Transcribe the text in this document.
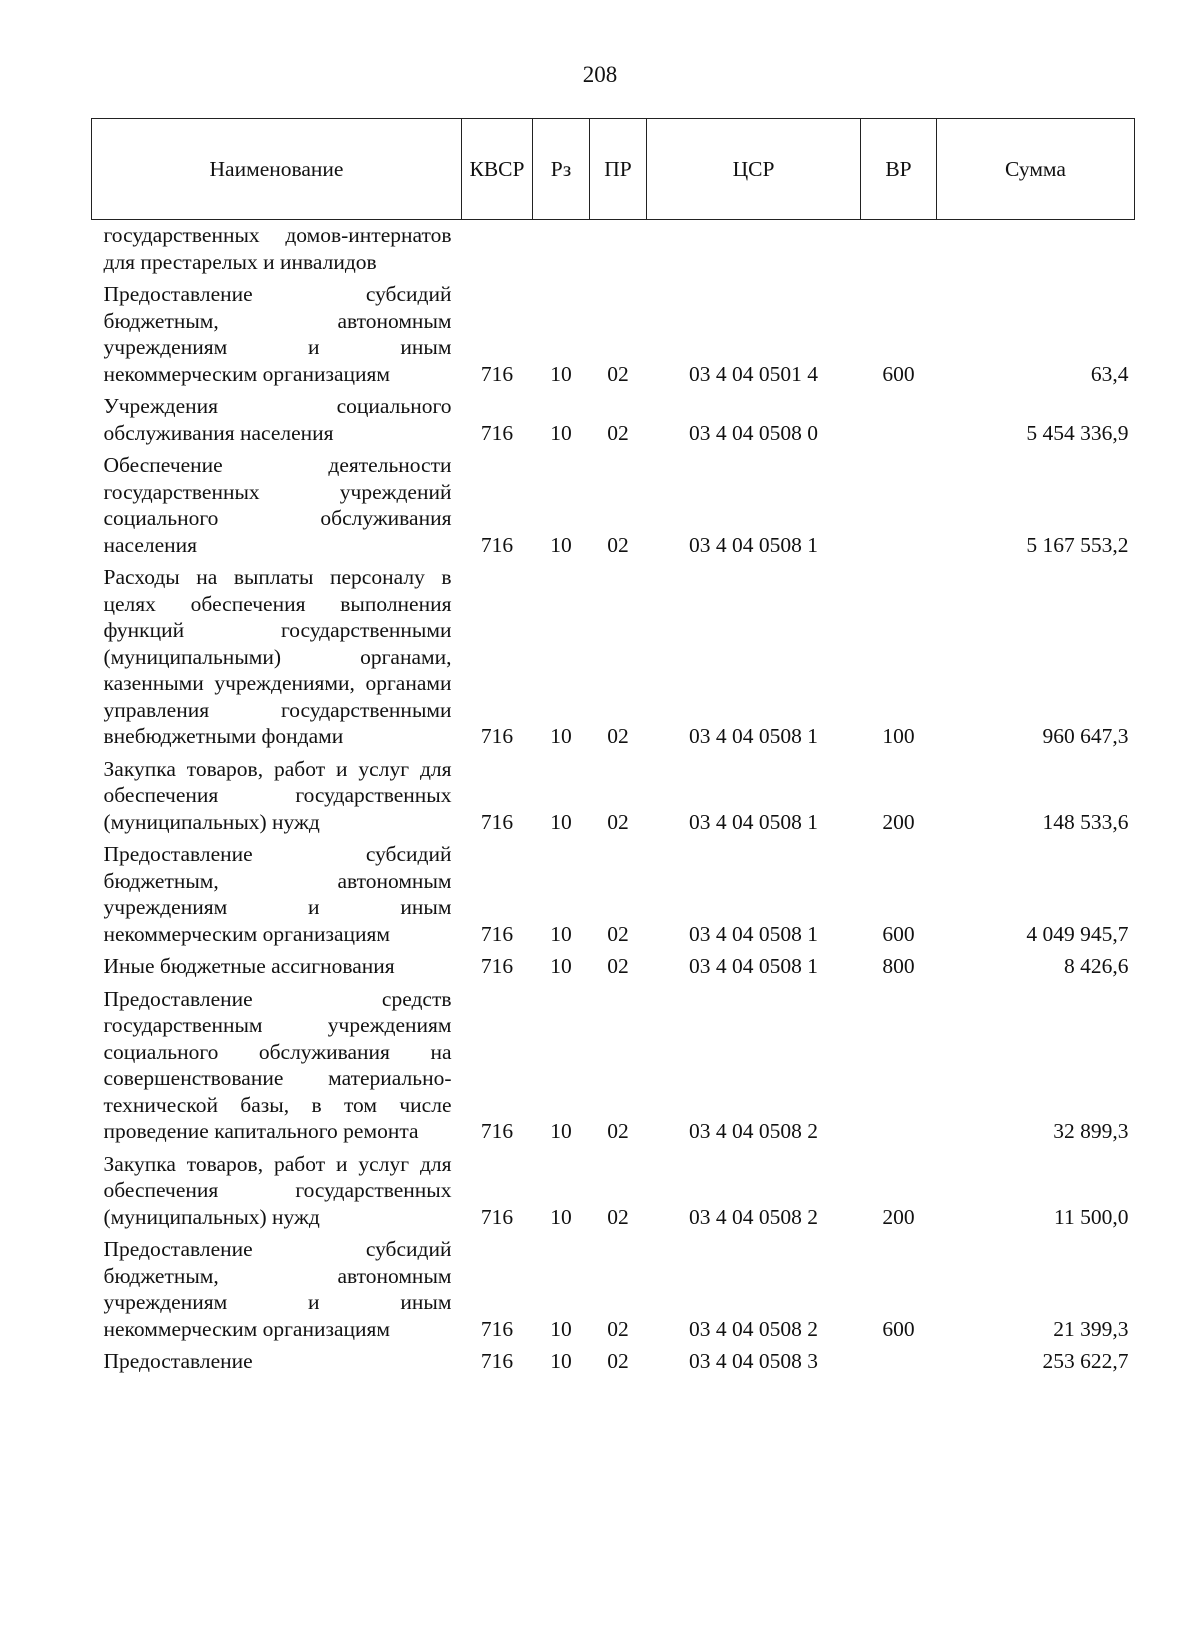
208
Наименование	КВСР	Рз	ПР	ЦСР	ВР	Сумма
государственных домов-интернатов для престарелых и инвалидов						
Предоставление субсидий бюджетным, автономным учреждениям и иным некоммерческим организациям	716	10	02	03 4 04 0501 4	600	63,4
Учреждения социального обслуживания населения	716	10	02	03 4 04 0508 0		5 454 336,9
Обеспечение деятельности государственных учреждений социального обслуживания населения	716	10	02	03 4 04 0508 1		5 167 553,2
Расходы на выплаты персоналу в целях обеспечения выполнения функций государственными (муниципальными) органами, казенными учреждениями, органами управления государственными внебюджетными фондами	716	10	02	03 4 04 0508 1	100	960 647,3
Закупка товаров, работ и услуг для обеспечения государственных (муниципальных) нужд	716	10	02	03 4 04 0508 1	200	148 533,6
Предоставление субсидий бюджетным, автономным учреждениям и иным некоммерческим организациям	716	10	02	03 4 04 0508 1	600	4 049 945,7
Иные бюджетные ассигнования	716	10	02	03 4 04 0508 1	800	8 426,6
Предоставление средств государственным учреждениям социального обслуживания на совершенствование материально-технической базы, в том числе проведение капитального ремонта	716	10	02	03 4 04 0508 2		32 899,3
Закупка товаров, работ и услуг для обеспечения государственных (муниципальных) нужд	716	10	02	03 4 04 0508 2	200	11 500,0
Предоставление субсидий бюджетным, автономным учреждениям и иным некоммерческим организациям	716	10	02	03 4 04 0508 2	600	21 399,3
Предоставление	716	10	02	03 4 04 0508 3		253 622,7
